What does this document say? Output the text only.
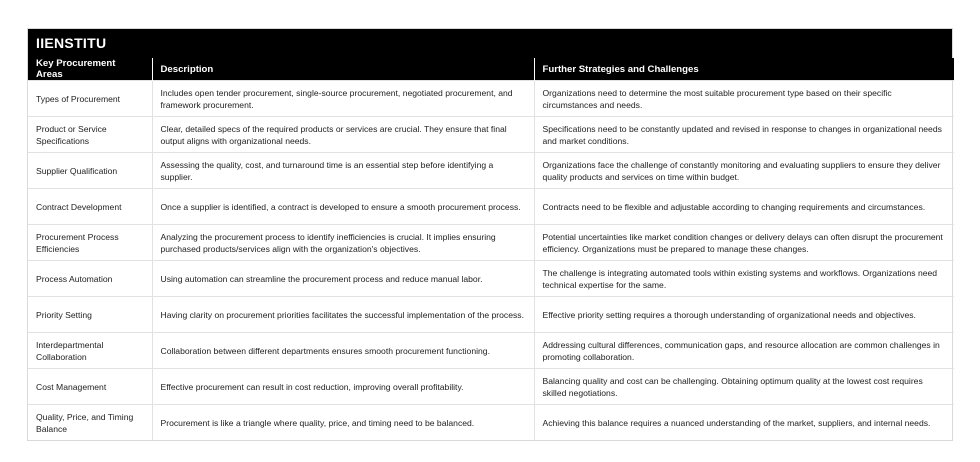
IIENSTITU
Key Procurement Areas	Description	Further Strategies and Challenges
Types of Procurement	Includes open tender procurement, single-source procurement, negotiated procurement, and framework procurement.	Organizations need to determine the most suitable procurement type based on their specific circumstances and needs.
Product or Service Specifications	Clear, detailed specs of the required products or services are crucial. They ensure that final output aligns with organizational needs.	Specifications need to be constantly updated and revised in response to changes in organizational needs and market conditions.
Supplier Qualification	Assessing the quality, cost, and turnaround time is an essential step before identifying a supplier.	Organizations face the challenge of constantly monitoring and evaluating suppliers to ensure they deliver quality products and services on time within budget.
Contract Development	Once a supplier is identified, a contract is developed to ensure a smooth procurement process.	Contracts need to be flexible and adjustable according to changing requirements and circumstances.
Procurement Process Efficiencies	Analyzing the procurement process to identify inefficiencies is crucial. It implies ensuring purchased products/services align with the organization's objectives.	Potential uncertainties like market condition changes or delivery delays can often disrupt the procurement efficiency. Organizations must be prepared to manage these changes.
Process Automation	Using automation can streamline the procurement process and reduce manual labor.	The challenge is integrating automated tools within existing systems and workflows. Organizations need technical expertise for the same.
Priority Setting	Having clarity on procurement priorities facilitates the successful implementation of the process.	Effective priority setting requires a thorough understanding of organizational needs and objectives.
Interdepartmental Collaboration	Collaboration between different departments ensures smooth procurement functioning.	Addressing cultural differences, communication gaps, and resource allocation are common challenges in promoting collaboration.
Cost Management	Effective procurement can result in cost reduction, improving overall profitability.	Balancing quality and cost can be challenging. Obtaining optimum quality at the lowest cost requires skilled negotiations.
Quality, Price, and Timing Balance	Procurement is like a triangle where quality, price, and timing need to be balanced.	Achieving this balance requires a nuanced understanding of the market, suppliers, and internal needs.
